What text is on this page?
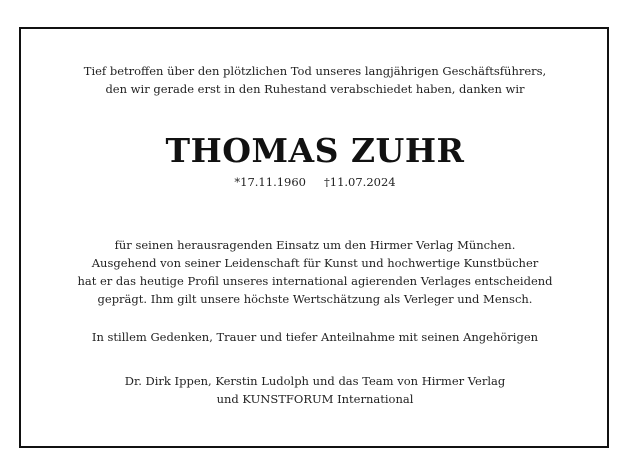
Tief betroffen über den plötzlichen Tod unseres langjährigen Geschäftsführers,
den wir gerade erst in den Ruhestand verabschiedet haben, danken wir
THOMAS ZUHR
*17.11.1960 †11.07.2024
für seinen herausragenden Einsatz um den Hirmer Verlag München.
Ausgehend von seiner Leidenschaft für Kunst und hochwertige Kunstbücher
hat er das heutige Profil unseres international agierenden Verlages entscheidend
geprägt. Ihm gilt unsere höchste Wertschätzung als Verleger und Mensch.
In stillem Gedenken, Trauer und tiefer Anteilnahme mit seinen Angehörigen
Dr. Dirk Ippen, Kerstin Ludolph und das Team von Hirmer Verlag
und KUNSTFORUM International
